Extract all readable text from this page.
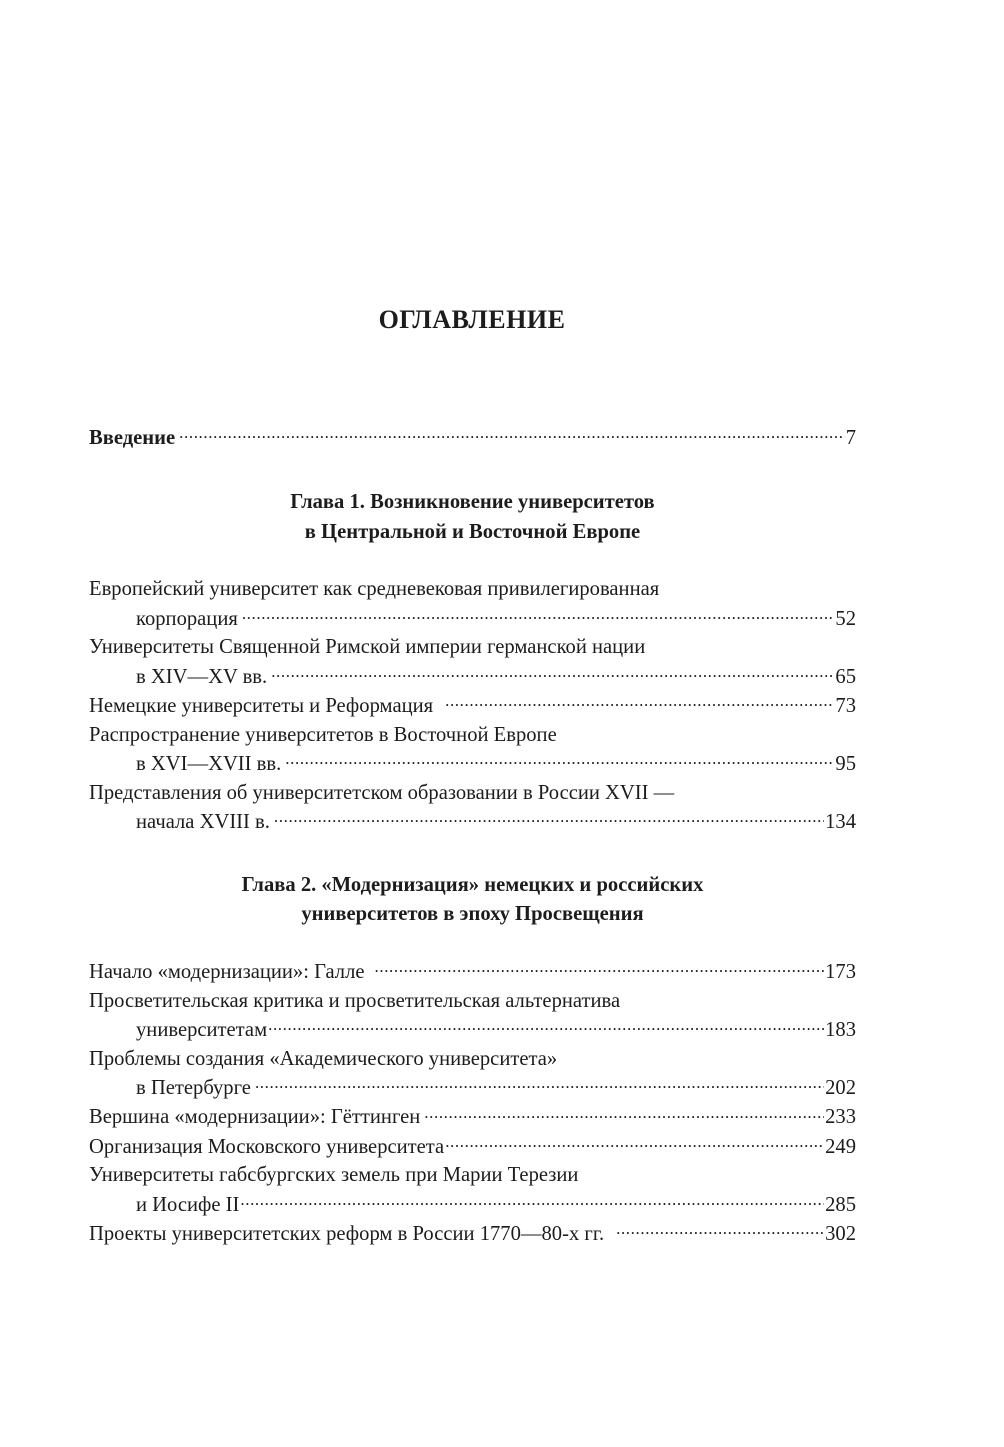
ОГЛАВЛЕНИЕ
Введение .....	7
Глава 1. Возникновение университетов
в Центральной и Восточной Европе
Европейский университет как средневековая привилегированная
корпорация .....	52
Университеты Священной Римской империи германской нации
в XIV—XV вв. .....	65
Немецкие университеты и Реформация .....	73
Распространение университетов в Восточной Европе
в XVI—XVII вв. .....	95
Представления об университетском образовании в России XVII —
начала XVIII в. .....	134
Глава 2. «Модернизация» немецких и российских
университетов в эпоху Просвещения
Начало «модернизации»: Галле .....	173
Просветительская критика и просветительская альтернатива
университетам .....	183
Проблемы создания «Академического университета»
в Петербурге .....	202
Вершина «модернизации»: Гёттинген .....	233
Организация Московского университета .....	249
Университеты габсбургских земель при Марии Терезии
и Иосифе II .....	285
Проекты университетских реформ в России 1770—80-х гг. .....	302
